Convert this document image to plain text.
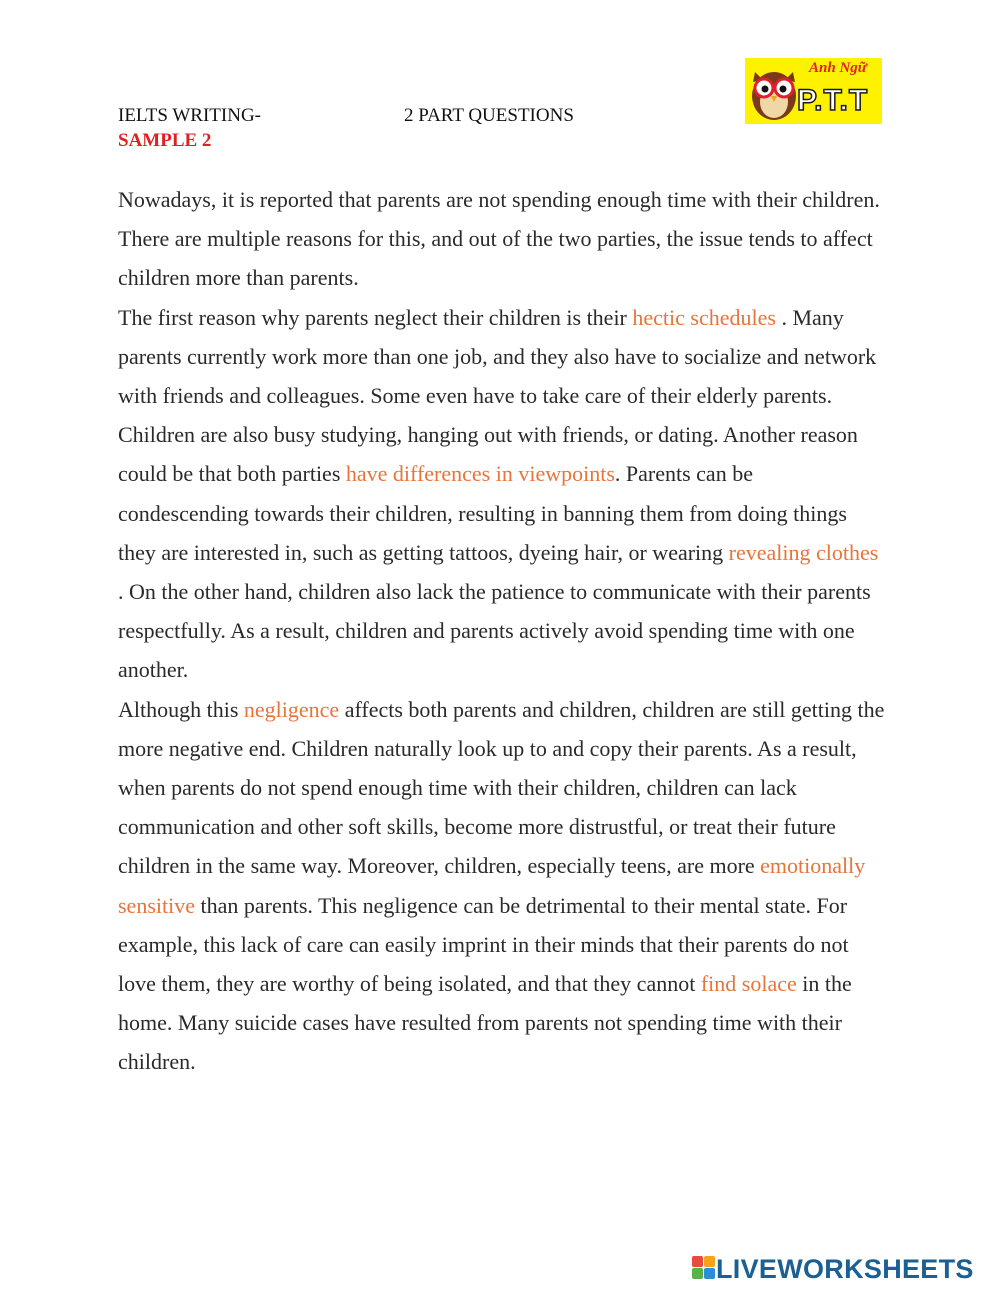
IELTS WRITING-	2 PART QUESTIONS
SAMPLE 2
Anh Ngữ
P.T.T

Nowadays, it is reported that parents are not spending enough time with their children. There are multiple reasons for this, and out of the two parties, the issue tends to affect children more than parents.

The first reason why parents neglect their children is their hectic schedules . Many parents currently work more than one job, and they also have to socialize and network with friends and colleagues. Some even have to take care of their elderly parents. Children are also busy studying, hanging out with friends, or dating. Another reason could be that both parties have differences in viewpoints. Parents can be condescending towards their children, resulting in banning them from doing things they are interested in, such as getting tattoos, dyeing hair, or wearing revealing clothes . On the other hand, children also lack the patience to communicate with their parents respectfully. As a result, children and parents actively avoid spending time with one another.

Although this negligence affects both parents and children, children are still getting the more negative end. Children naturally look up to and copy their parents. As a result, when parents do not spend enough time with their children, children can lack communication and other soft skills, become more distrustful, or treat their future children in the same way. Moreover, children, especially teens, are more emotionally sensitive than parents. This negligence can be detrimental to their mental state. For example, this lack of care can easily imprint in their minds that their parents do not love them, they are worthy of being isolated, and that they cannot find solace in the home. Many suicide cases have resulted from parents not spending time with their children.

LIVEWORKSHEETS
